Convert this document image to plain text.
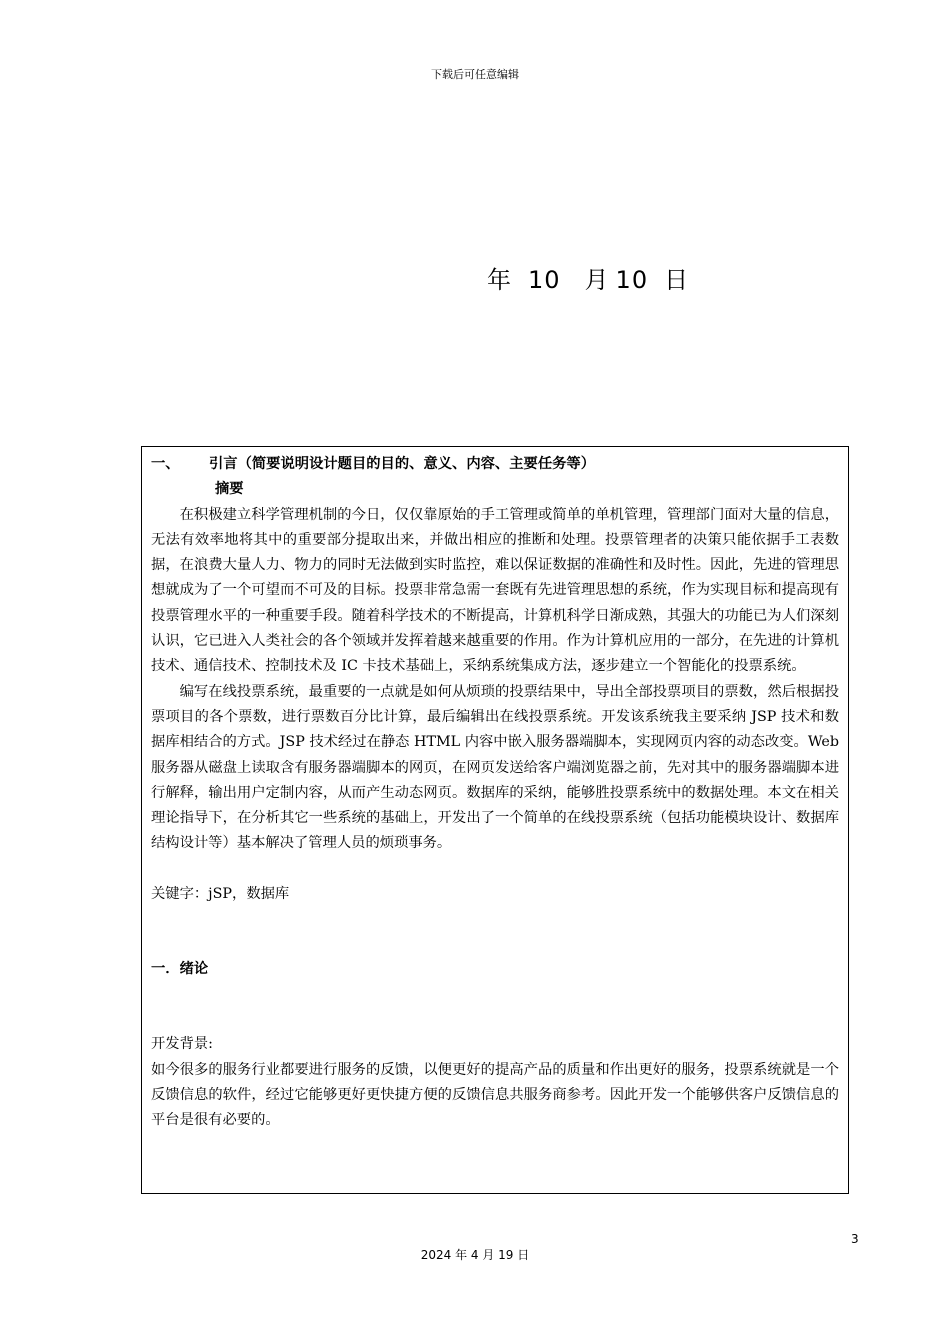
下载后可任意编辑
年 10 月 10 日

一、 引言（简要说明设计题目的目的、意义、内容、主要任务等）

摘要

在积极建立科学管理机制的今日，仅仅靠原始的手工管理或简单的单机管理，管理部门面对大量的信息，无法有效率地将其中的重要部分提取出来，并做出相应的推断和处理。投票管理者的决策只能依据手工表数据，在浪费大量人力、物力的同时无法做到实时监控，难以保证数据的准确性和及时性。因此，先进的管理思想就成为了一个可望而不可及的目标。投票非常急需一套既有先进管理思想的系统，作为实现目标和提高现有投票管理水平的一种重要手段。随着科学技术的不断提高，计算机科学日渐成熟，其强大的功能已为人们深刻认识，它已进入人类社会的各个领域并发挥着越来越重要的作用。作为计算机应用的一部分，在先进的计算机技术、通信技术、控制技术及 IC 卡技术基础上，采纳系统集成方法，逐步建立一个智能化的投票系统。

编写在线投票系统，最重要的一点就是如何从烦琐的投票结果中，导出全部投票项目的票数，然后根据投票项目的各个票数，进行票数百分比计算，最后编辑出在线投票系统。开发该系统我主要采纳 JSP 技术和数据库相结合的方式。JSP 技术经过在静态 HTML 内容中嵌入服务器端脚本，实现网页内容的动态改变。Web 服务器从磁盘上读取含有服务器端脚本的网页，在网页发送给客户端浏览器之前，先对其中的服务器端脚本进行解释，输出用户定制内容，从而产生动态网页。数据库的采纳，能够胜投票系统中的数据处理。本文在相关理论指导下，在分析其它一些系统的基础上，开发出了一个简单的在线投票系统（包括功能模块设计、数据库结构设计等）基本解决了管理人员的烦琐事务。

关键字：jSP，数据库

一．绪论

开发背景:

如今很多的服务行业都要进行服务的反馈，以便更好的提高产品的质量和作出更好的服务，投票系统就是一个反馈信息的软件，经过它能够更好更快捷方便的反馈信息共服务商参考。因此开发一个能够供客户反馈信息的平台是很有必要的。

3
2024 年 4 月 19 日
